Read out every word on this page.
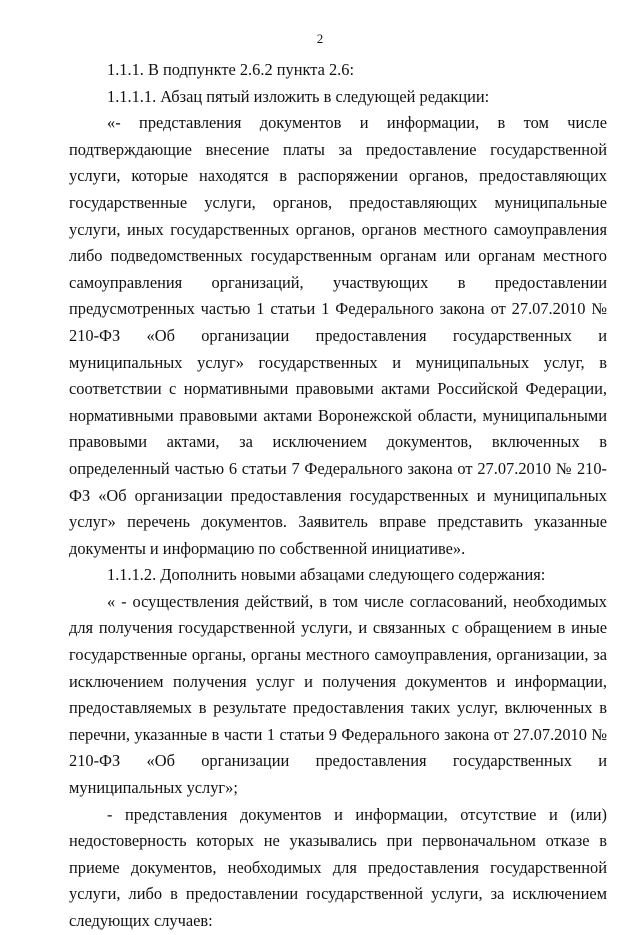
2

1.1.1. В подпункте 2.6.2 пункта 2.6:

1.1.1.1. Абзац пятый изложить в следующей редакции:

«- представления документов и информации, в том числе подтверждающие внесение платы за предоставление государственной услуги, которые находятся в распоряжении органов, предоставляющих государственные услуги, органов, предоставляющих муниципальные услуги, иных государственных органов, органов местного самоуправления либо подведомственных государственным органам или органам местного самоуправления организаций, участвующих в предоставлении предусмотренных частью 1 статьи 1 Федерального закона от 27.07.2010 № 210-ФЗ «Об организации предоставления государственных и муниципальных услуг» государственных и муниципальных услуг, в соответствии с нормативными правовыми актами Российской Федерации, нормативными правовыми актами Воронежской области, муниципальными правовыми актами, за исключением документов, включенных в определенный частью 6 статьи 7 Федерального закона от 27.07.2010 № 210-ФЗ «Об организации предоставления государственных и муниципальных услуг» перечень документов. Заявитель вправе представить указанные документы и информацию по собственной инициативе».

1.1.1.2. Дополнить новыми абзацами следующего содержания:

« - осуществления действий, в том числе согласований, необходимых для получения государственной услуги, и связанных с обращением в иные государственные органы, органы местного самоуправления, организации, за исключением получения услуг и получения документов и информации, предоставляемых в результате предоставления таких услуг, включенных в перечни, указанные в части 1 статьи 9 Федерального закона от 27.07.2010 № 210-ФЗ «Об организации предоставления государственных и муниципальных услуг»;

- представления документов и информации, отсутствие и (или) недостоверность которых не указывались при первоначальном отказе в приеме документов, необходимых для предоставления государственной услуги, либо в предоставлении государственной услуги, за исключением следующих случаев:
